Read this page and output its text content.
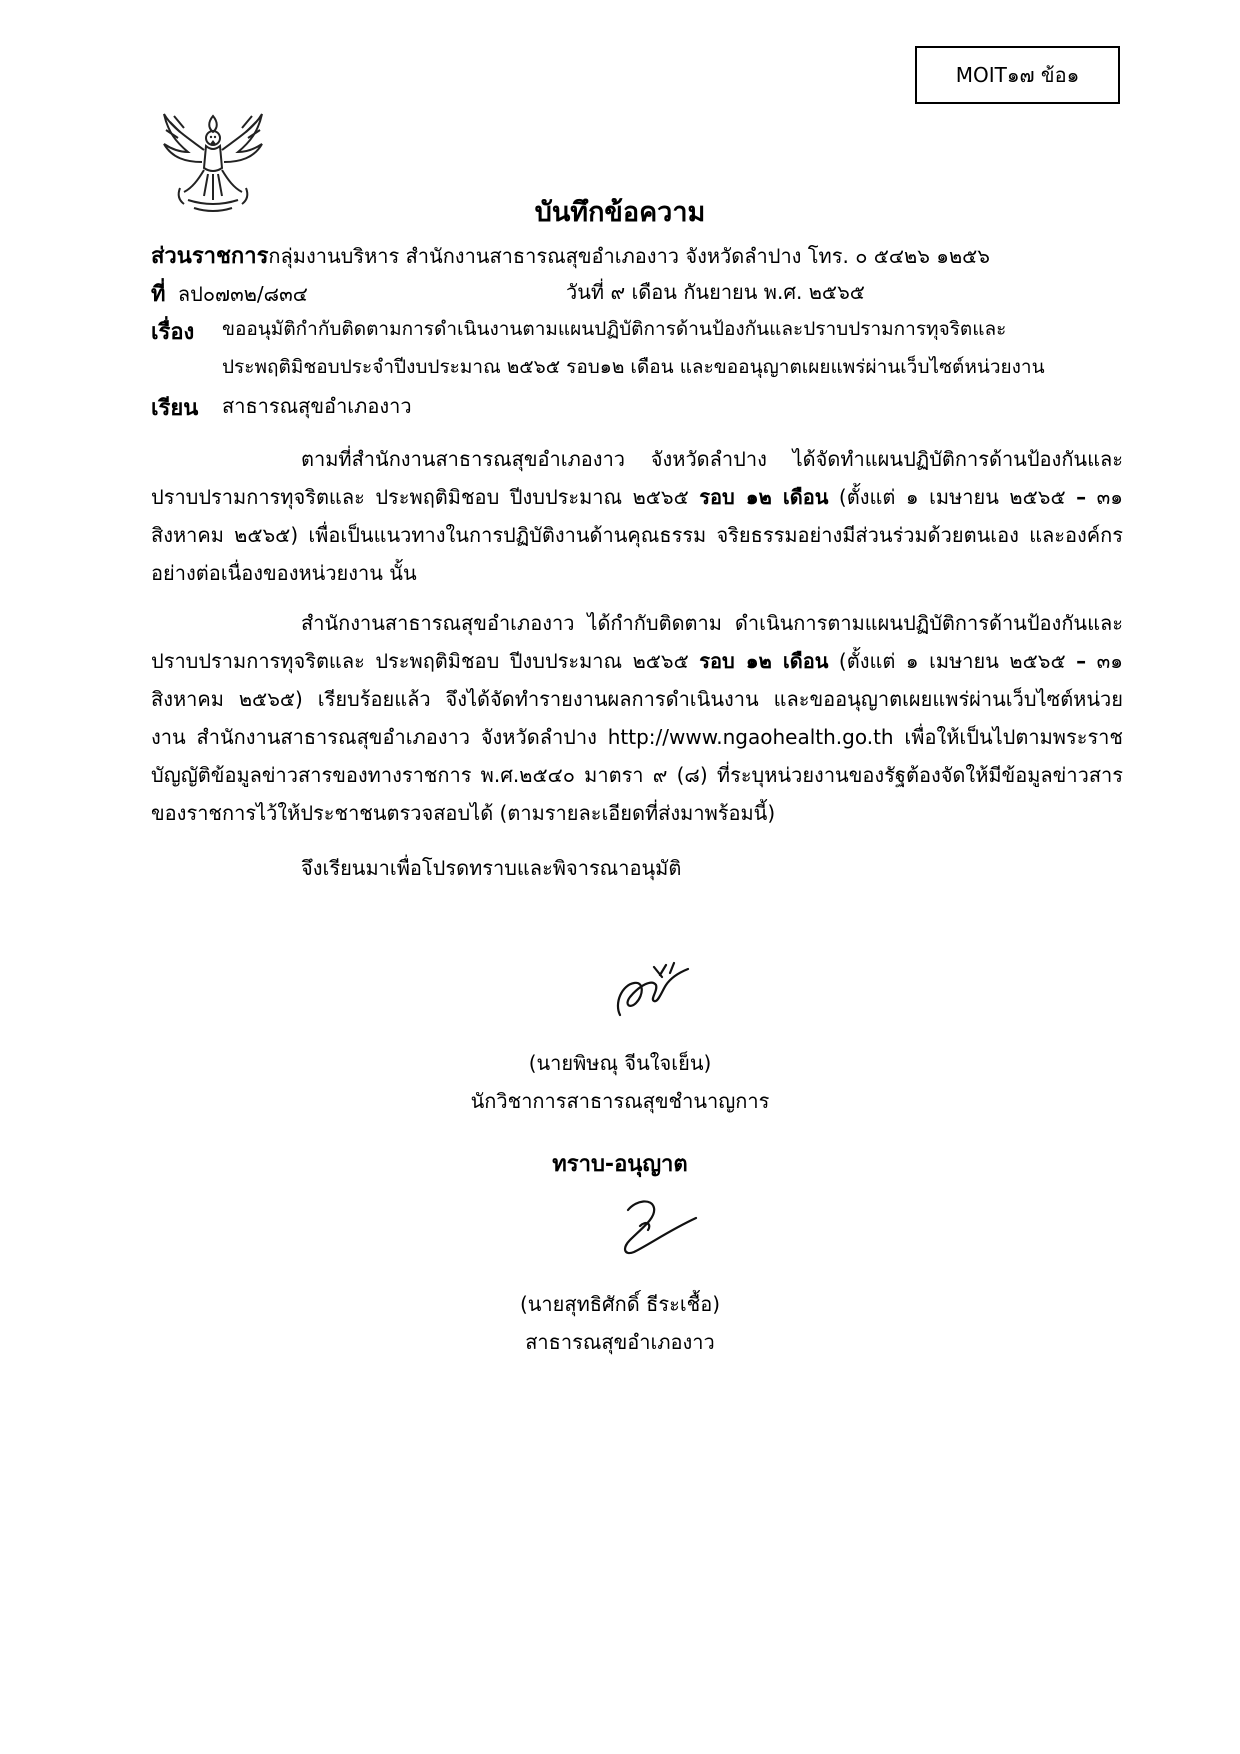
MOIT๑๗ ข้อ๑
บันทึกข้อความ
ส่วนราชการกลุ่มงานบริหาร สำนักงานสาธารณสุขอำเภองาว จังหวัดลำปาง โทร. ๐ ๕๔๒๖ ๑๒๕๖
ที่ ลป๐๗๓๒/๘๓๔	วันที่ ๙ เดือน กันยายน พ.ศ. ๒๕๖๕
เรื่อง ขออนุมัติกำกับติดตามการดำเนินงานตามแผนปฏิบัติการด้านป้องกันและปราบปรามการทุจริตและ
ประพฤติมิชอบประจำปีงบประมาณ ๒๕๖๕ รอบ๑๒ เดือน และขออนุญาตเผยแพร่ผ่านเว็บไซต์หน่วยงาน
เรียน สาธารณสุขอำเภองาว

ตามที่สำนักงานสาธารณสุขอำเภองาว จังหวัดลำปาง ได้จัดทำแผนปฏิบัติการด้านป้องกันและปราบปรามการทุจริตและ ประพฤติมิชอบ ปีงบประมาณ ๒๕๖๕ รอบ ๑๒ เดือน (ตั้งแต่ ๑ เมษายน ๒๕๖๕ – ๓๑ สิงหาคม ๒๕๖๕) เพื่อเป็นแนวทางในการปฏิบัติงานด้านคุณธรรม จริยธรรมอย่างมีส่วนร่วมด้วยตนเอง และองค์กรอย่างต่อเนื่องของหน่วยงาน นั้น

สำนักงานสาธารณสุขอำเภองาว ได้กำกับติดตาม ดำเนินการตามแผนปฏิบัติการด้านป้องกันและปราบปรามการทุจริตและ ประพฤติมิชอบ ปีงบประมาณ ๒๕๖๕ รอบ ๑๒ เดือน (ตั้งแต่ ๑ เมษายน ๒๕๖๕ – ๓๑ สิงหาคม ๒๕๖๕) เรียบร้อยแล้ว จึงได้จัดทำรายงานผลการดำเนินงาน และขออนุญาตเผยแพร่ผ่านเว็บไซต์หน่วยงาน สำนักงานสาธารณสุขอำเภองาว จังหวัดลำปาง http://www.ngaohealth.go.th เพื่อให้เป็นไปตามพระราชบัญญัติข้อมูลข่าวสารของทางราชการ พ.ศ.๒๕๔๐ มาตรา ๙ (๘) ที่ระบุหน่วยงานของรัฐต้องจัดให้มีข้อมูลข่าวสารของราชการไว้ให้ประชาชนตรวจสอบได้ (ตามรายละเอียดที่ส่งมาพร้อมนี้)

จึงเรียนมาเพื่อโปรดทราบและพิจารณาอนุมัติ
(นายพิษณุ จีนใจเย็น)
นักวิชาการสาธารณสุขชำนาญการ
ทราบ-อนุญาต
(นายสุทธิศักดิ์ ธีระเชื้อ)
สาธารณสุขอำเภองาว
